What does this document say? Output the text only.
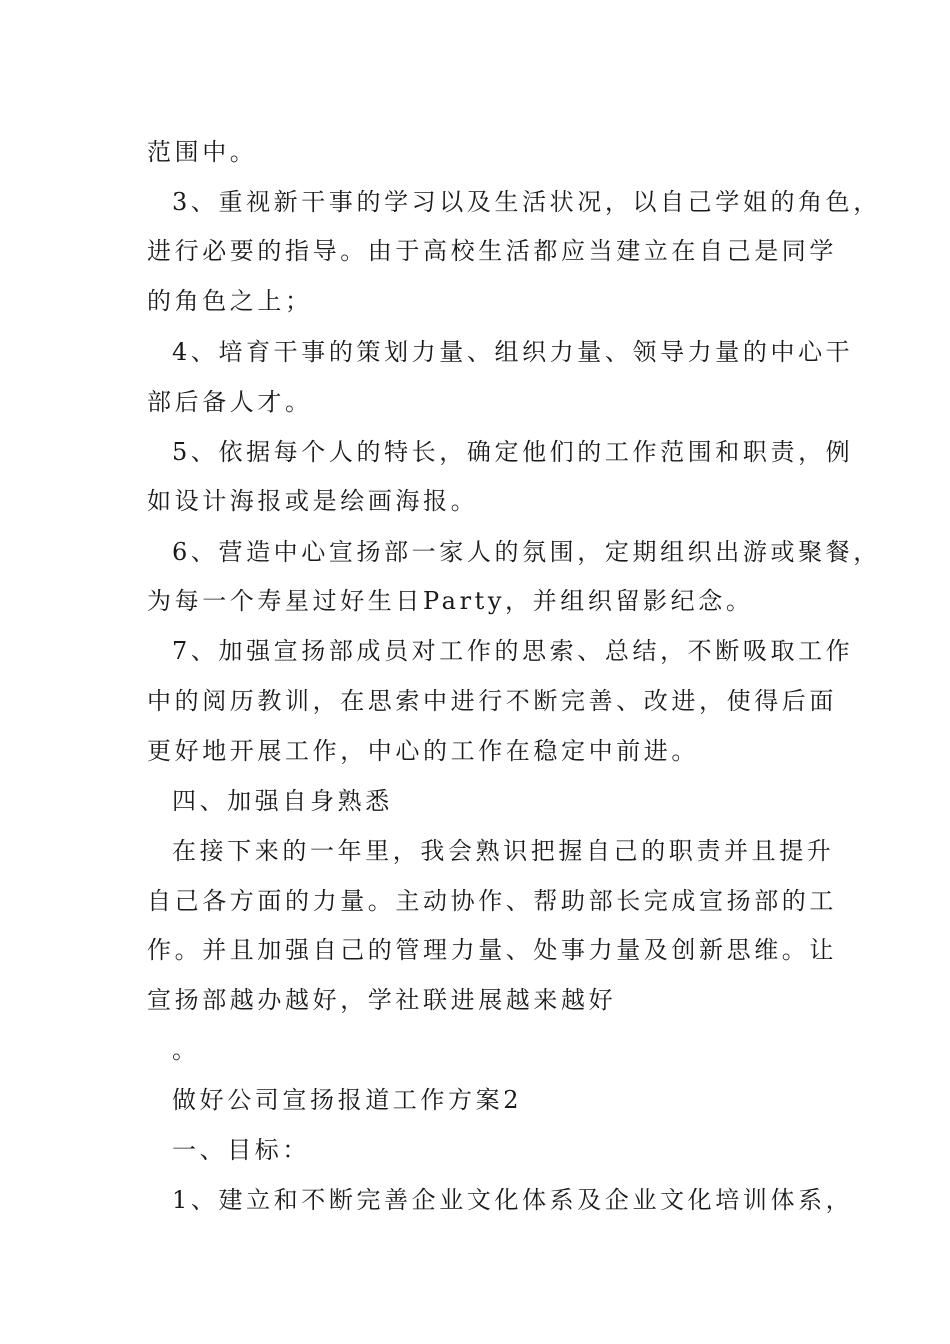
范围中。
3、重视新干事的学习以及生活状况，以自己学姐的角色，
进行必要的指导。由于高校生活都应当建立在自己是同学
的角色之上；
4、培育干事的策划力量、组织力量、领导力量的中心干
部后备人才。
5、依据每个人的特长，确定他们的工作范围和职责，例
如设计海报或是绘画海报。
6、营造中心宣扬部一家人的氛围，定期组织出游或聚餐，
为每一个寿星过好生日Party，并组织留影纪念。
7、加强宣扬部成员对工作的思索、总结，不断吸取工作
中的阅历教训，在思索中进行不断完善、改进，使得后面
更好地开展工作，中心的工作在稳定中前进。
四、加强自身熟悉
在接下来的一年里，我会熟识把握自己的职责并且提升
自己各方面的力量。主动协作、帮助部长完成宣扬部的工
作。并且加强自己的管理力量、处事力量及创新思维。让
宣扬部越办越好，学社联进展越来越好
。
做好公司宣扬报道工作方案2
一、目标：
1、建立和不断完善企业文化体系及企业文化培训体系，
